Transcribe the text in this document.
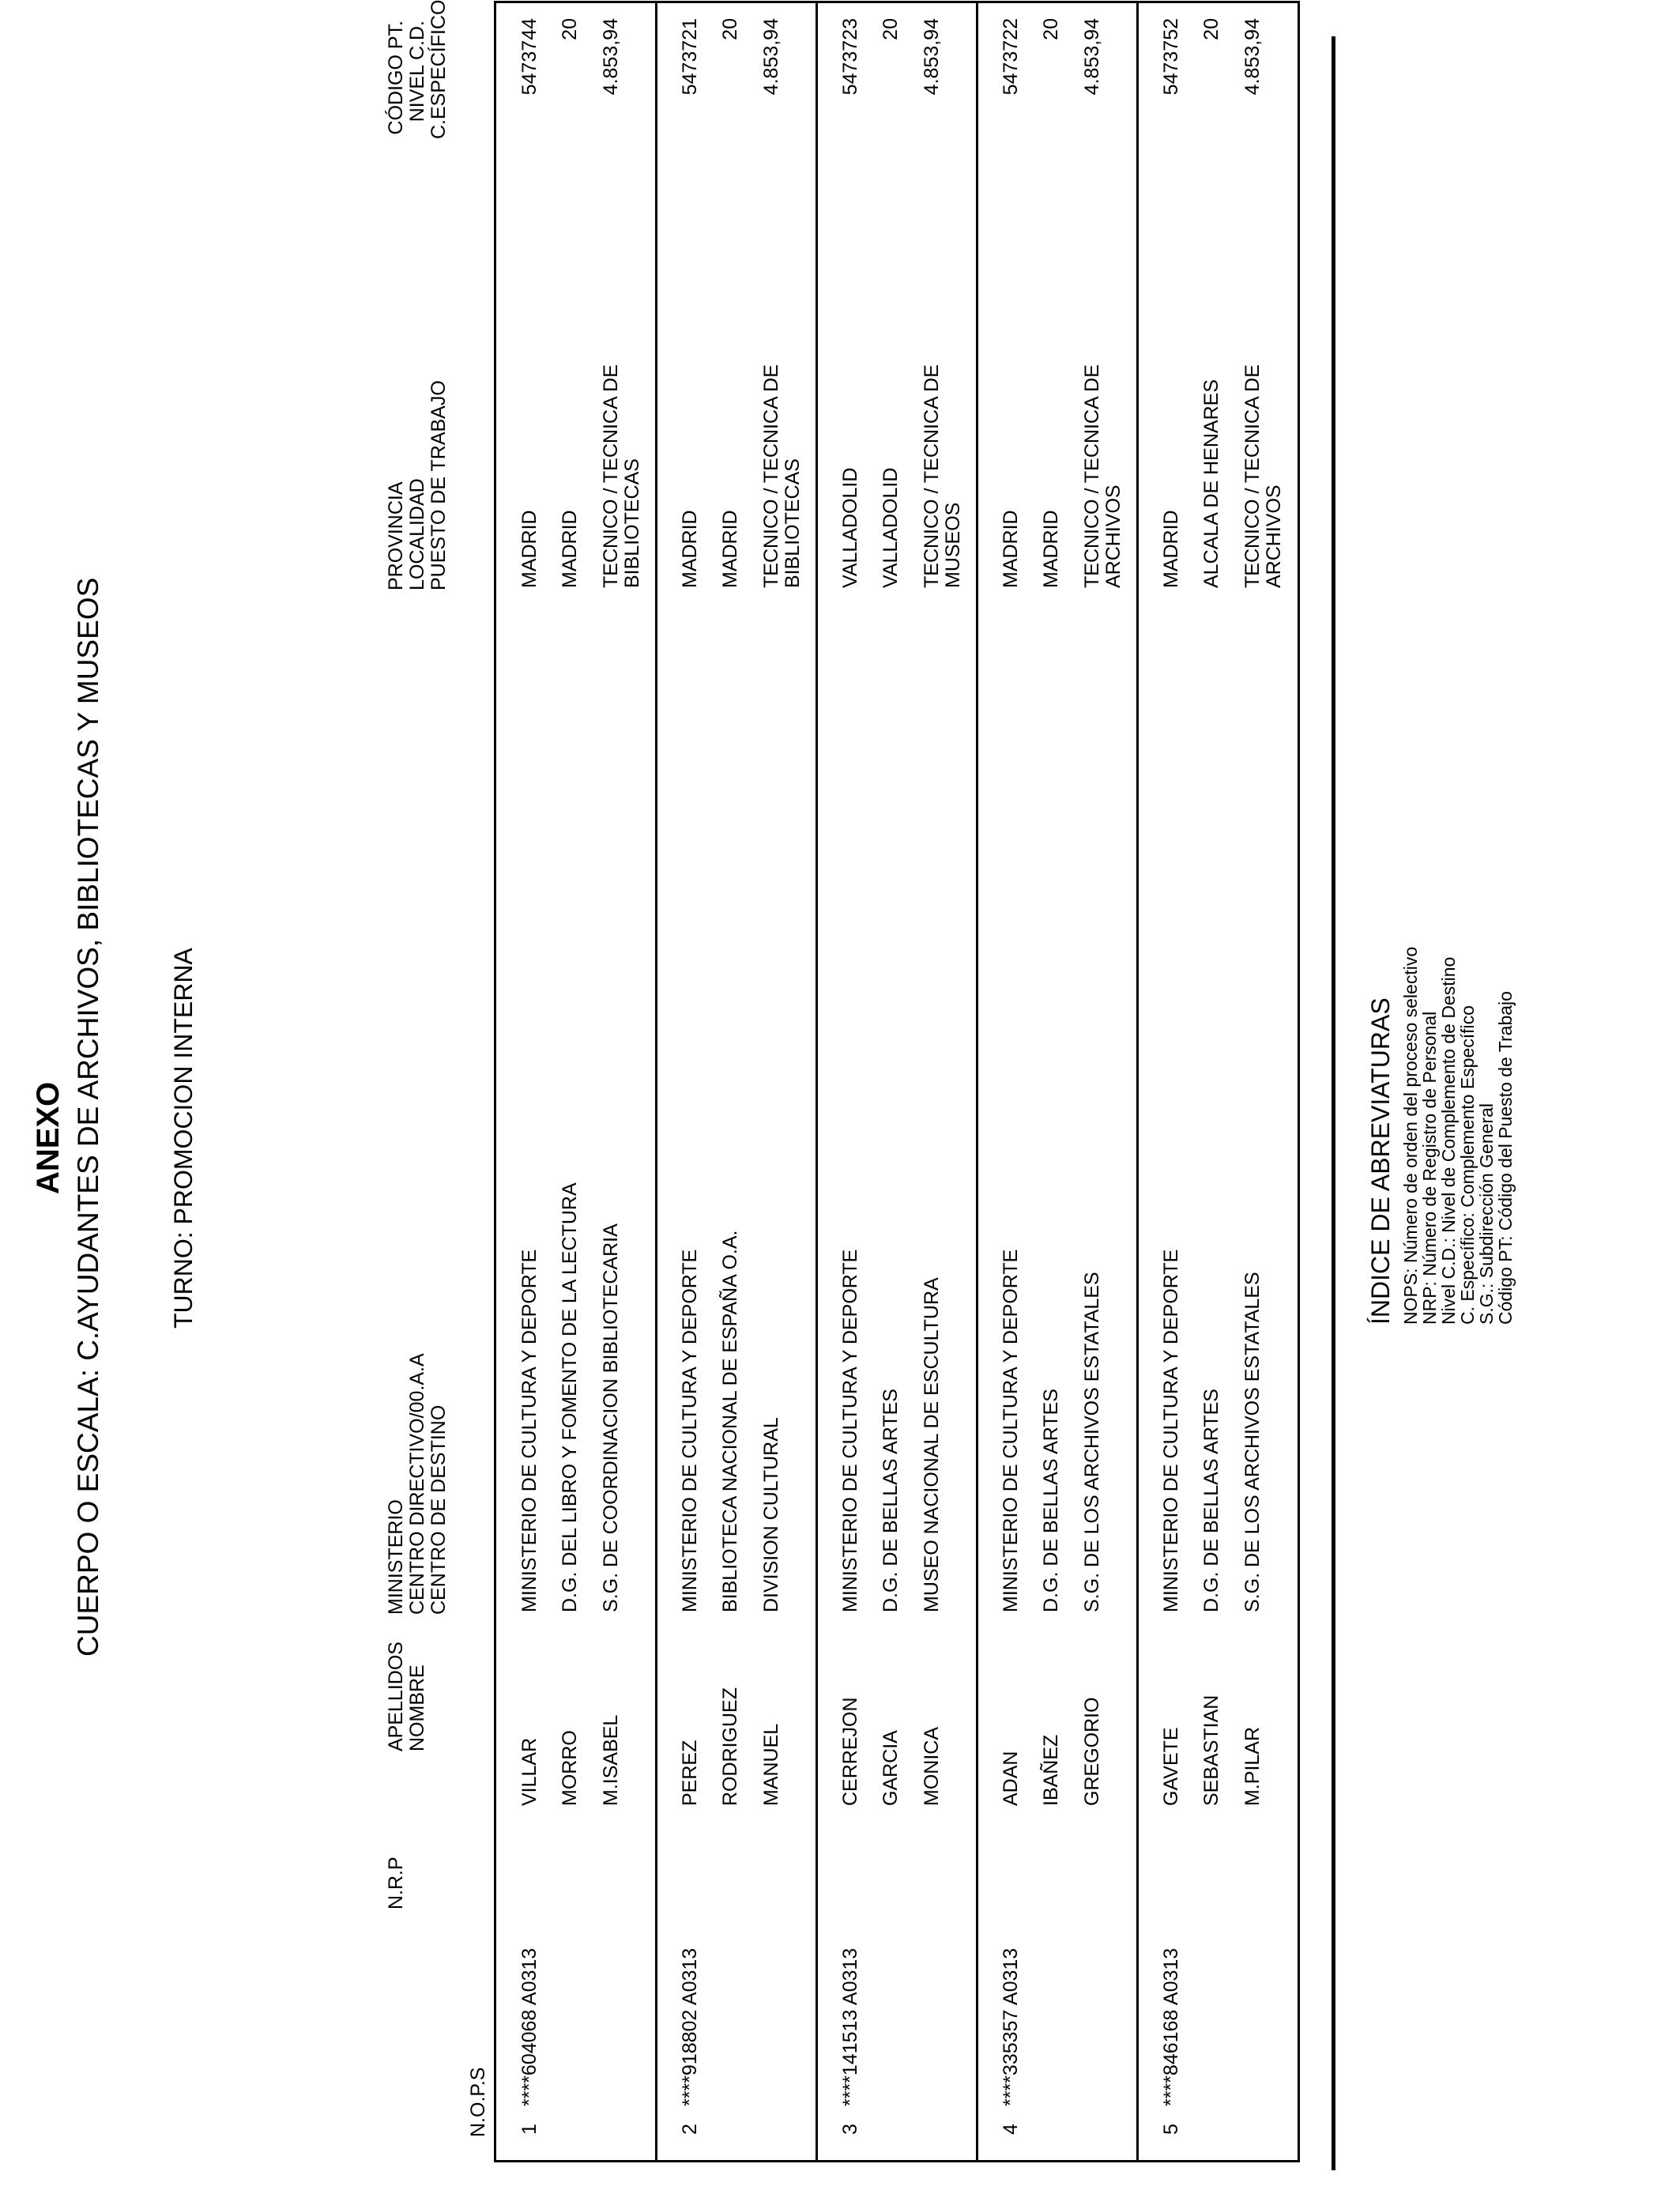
ANEXO CUERPO O ESCALA: C.AYUDANTES DE ARCHIVOS, BIBLIOTECAS Y MUSEOS	TURNO: PROMOCION INTERNA
N.O.P.S
N.R.P
APELLIDOS NOMBRE
MINISTERIO CENTRO DIRECTIVO/00.A.A CENTRO DE DESTINO
PROVINCIA LOCALIDAD PUESTO DE TRABAJO
CÓDIGO PT. NIVEL C.D. C.ESPECÍFICO
1
****604068 A0313
VILLAR MORRO M.ISABEL
MINISTERIO DE CULTURA Y DEPORTE D.G. DEL LIBRO Y FOMENTO DE LA LECTURA S.G. DE COORDINACION BIBLIOTECARIA
MADRID MADRID TECNICO / TECNICA DE BIBLIOTECAS
5473744 20 4.853,94
2
****918802 A0313
PEREZ RODRIGUEZ MANUEL
MINISTERIO DE CULTURA Y DEPORTE BIBLIOTECA NACIONAL DE ESPAÑA O.A. DIVISION CULTURAL
MADRID MADRID TECNICO / TECNICA DE BIBLIOTECAS
5473721 20 4.853,94
3
****141513 A0313
CERREJON GARCIA MONICA
MINISTERIO DE CULTURA Y DEPORTE D.G. DE BELLAS ARTES MUSEO NACIONAL DE ESCULTURA
VALLADOLID VALLADOLID TECNICO / TECNICA DE MUSEOS
5473723 20 4.853,94
4
****335357 A0313
ADAN IBAÑEZ GREGORIO
MINISTERIO DE CULTURA Y DEPORTE D.G. DE BELLAS ARTES S.G. DE LOS ARCHIVOS ESTATALES
MADRID MADRID TECNICO / TECNICA DE ARCHIVOS
5473722 20 4.853,94
5
****846168 A0313
GAVETE SEBASTIAN M.PILAR
MINISTERIO DE CULTURA Y DEPORTE D.G. DE BELLAS ARTES S.G. DE LOS ARCHIVOS ESTATALES
MADRID ALCALA DE HENARES TECNICO / TECNICA DE ARCHIVOS
5473752 20 4.853,94
ÍNDICE DE ABREVIATURAS NOPS: Número de orden del proceso selectivo
NRP: Número de Registro de Personal
Nivel C.D.: Nivel de Complemento de Destino
C. Específico: Complemento Específico
S.G.: Subdirección General
Código PT: Código del Puesto de Trabajo
